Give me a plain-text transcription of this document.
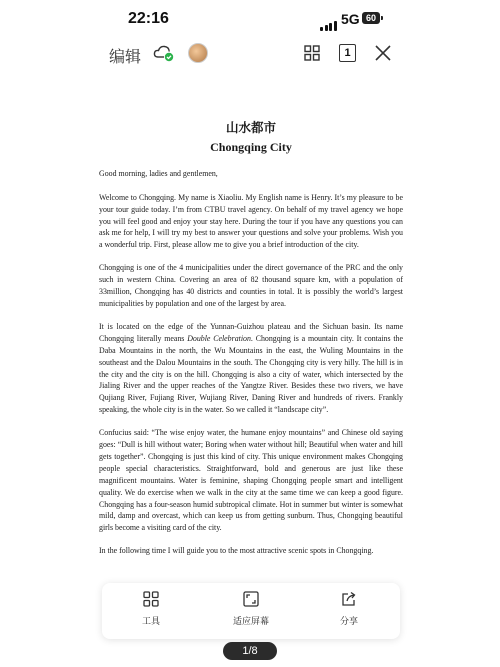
22:16	5G 60
编辑	1
山水都市
Chongqing City

Good morning, ladies and gentlemen,

Welcome to Chongqing. My name is Xiaoliu. My English name is Henry. It’s my pleasure to be your tour guide today. I’m from CTBU travel agency. On behalf of my travel agency we hope you will feel good and enjoy your stay here. During the tour if you have any questions you can ask me for help, I will try my best to answer your questions and solve your problems. Wish you a wonderful trip. First, please allow me to give you a brief introduction of the city.

Chongqing is one of the 4 municipalities under the direct governance of the PRC and the only such in western China. Covering an area of 82 thousand square km, with a population of 33million, Chongqing has 40 districts and counties in total. It is possibly the world’s largest municipalities by population and one of the largest by area.

It is located on the edge of the Yunnan-Guizhou plateau and the Sichuan basin. Its name Chongqing literally means Double Celebration. Chongqing is a mountain city. It contains the Daba Mountains in the north, the Wu Mountains in the east, the Wuling Mountains in the southeast and the Dalou Mountains in the south. The Chongqing city is very hilly. The hill is in the city and the city is on the hill. Chongqing is also a city of water, which intersected by the Jialing River and the upper reaches of the Yangtze River. Besides these two rivers, we have Qujiang River, Fujiang River, Wujiang River, Daning River and hundreds of rivers. Frankly speaking, the whole city is in the water. So we called it “landscape city”.

Confucius said: “The wise enjoy water, the humane enjoy mountains” and Chinese old saying goes: “Dull is hill without water; Boring when water without hill; Beautiful when water and hill gets together”. Chongqing is just this kind of city. This unique environment makes Chongqing people special characteristics. Straightforward, bold and generous are just like these magnificent mountains. Water is feminine, shaping Chongqing people smart and intelligent quality. We do exercise when we walk in the city at the same time we can keep a good figure. Chongqing has a four-season humid subtropical climate. Hot in summer but winter is somewhat mild, damp and overcast, which can keep us from getting sunburn. Thus, Chongqing beautiful girls become a visiting card of the city.

In the following time I will guide you to the most attractive scenic spots in Chongqing.

工具	适应屏幕	分享
1/8
